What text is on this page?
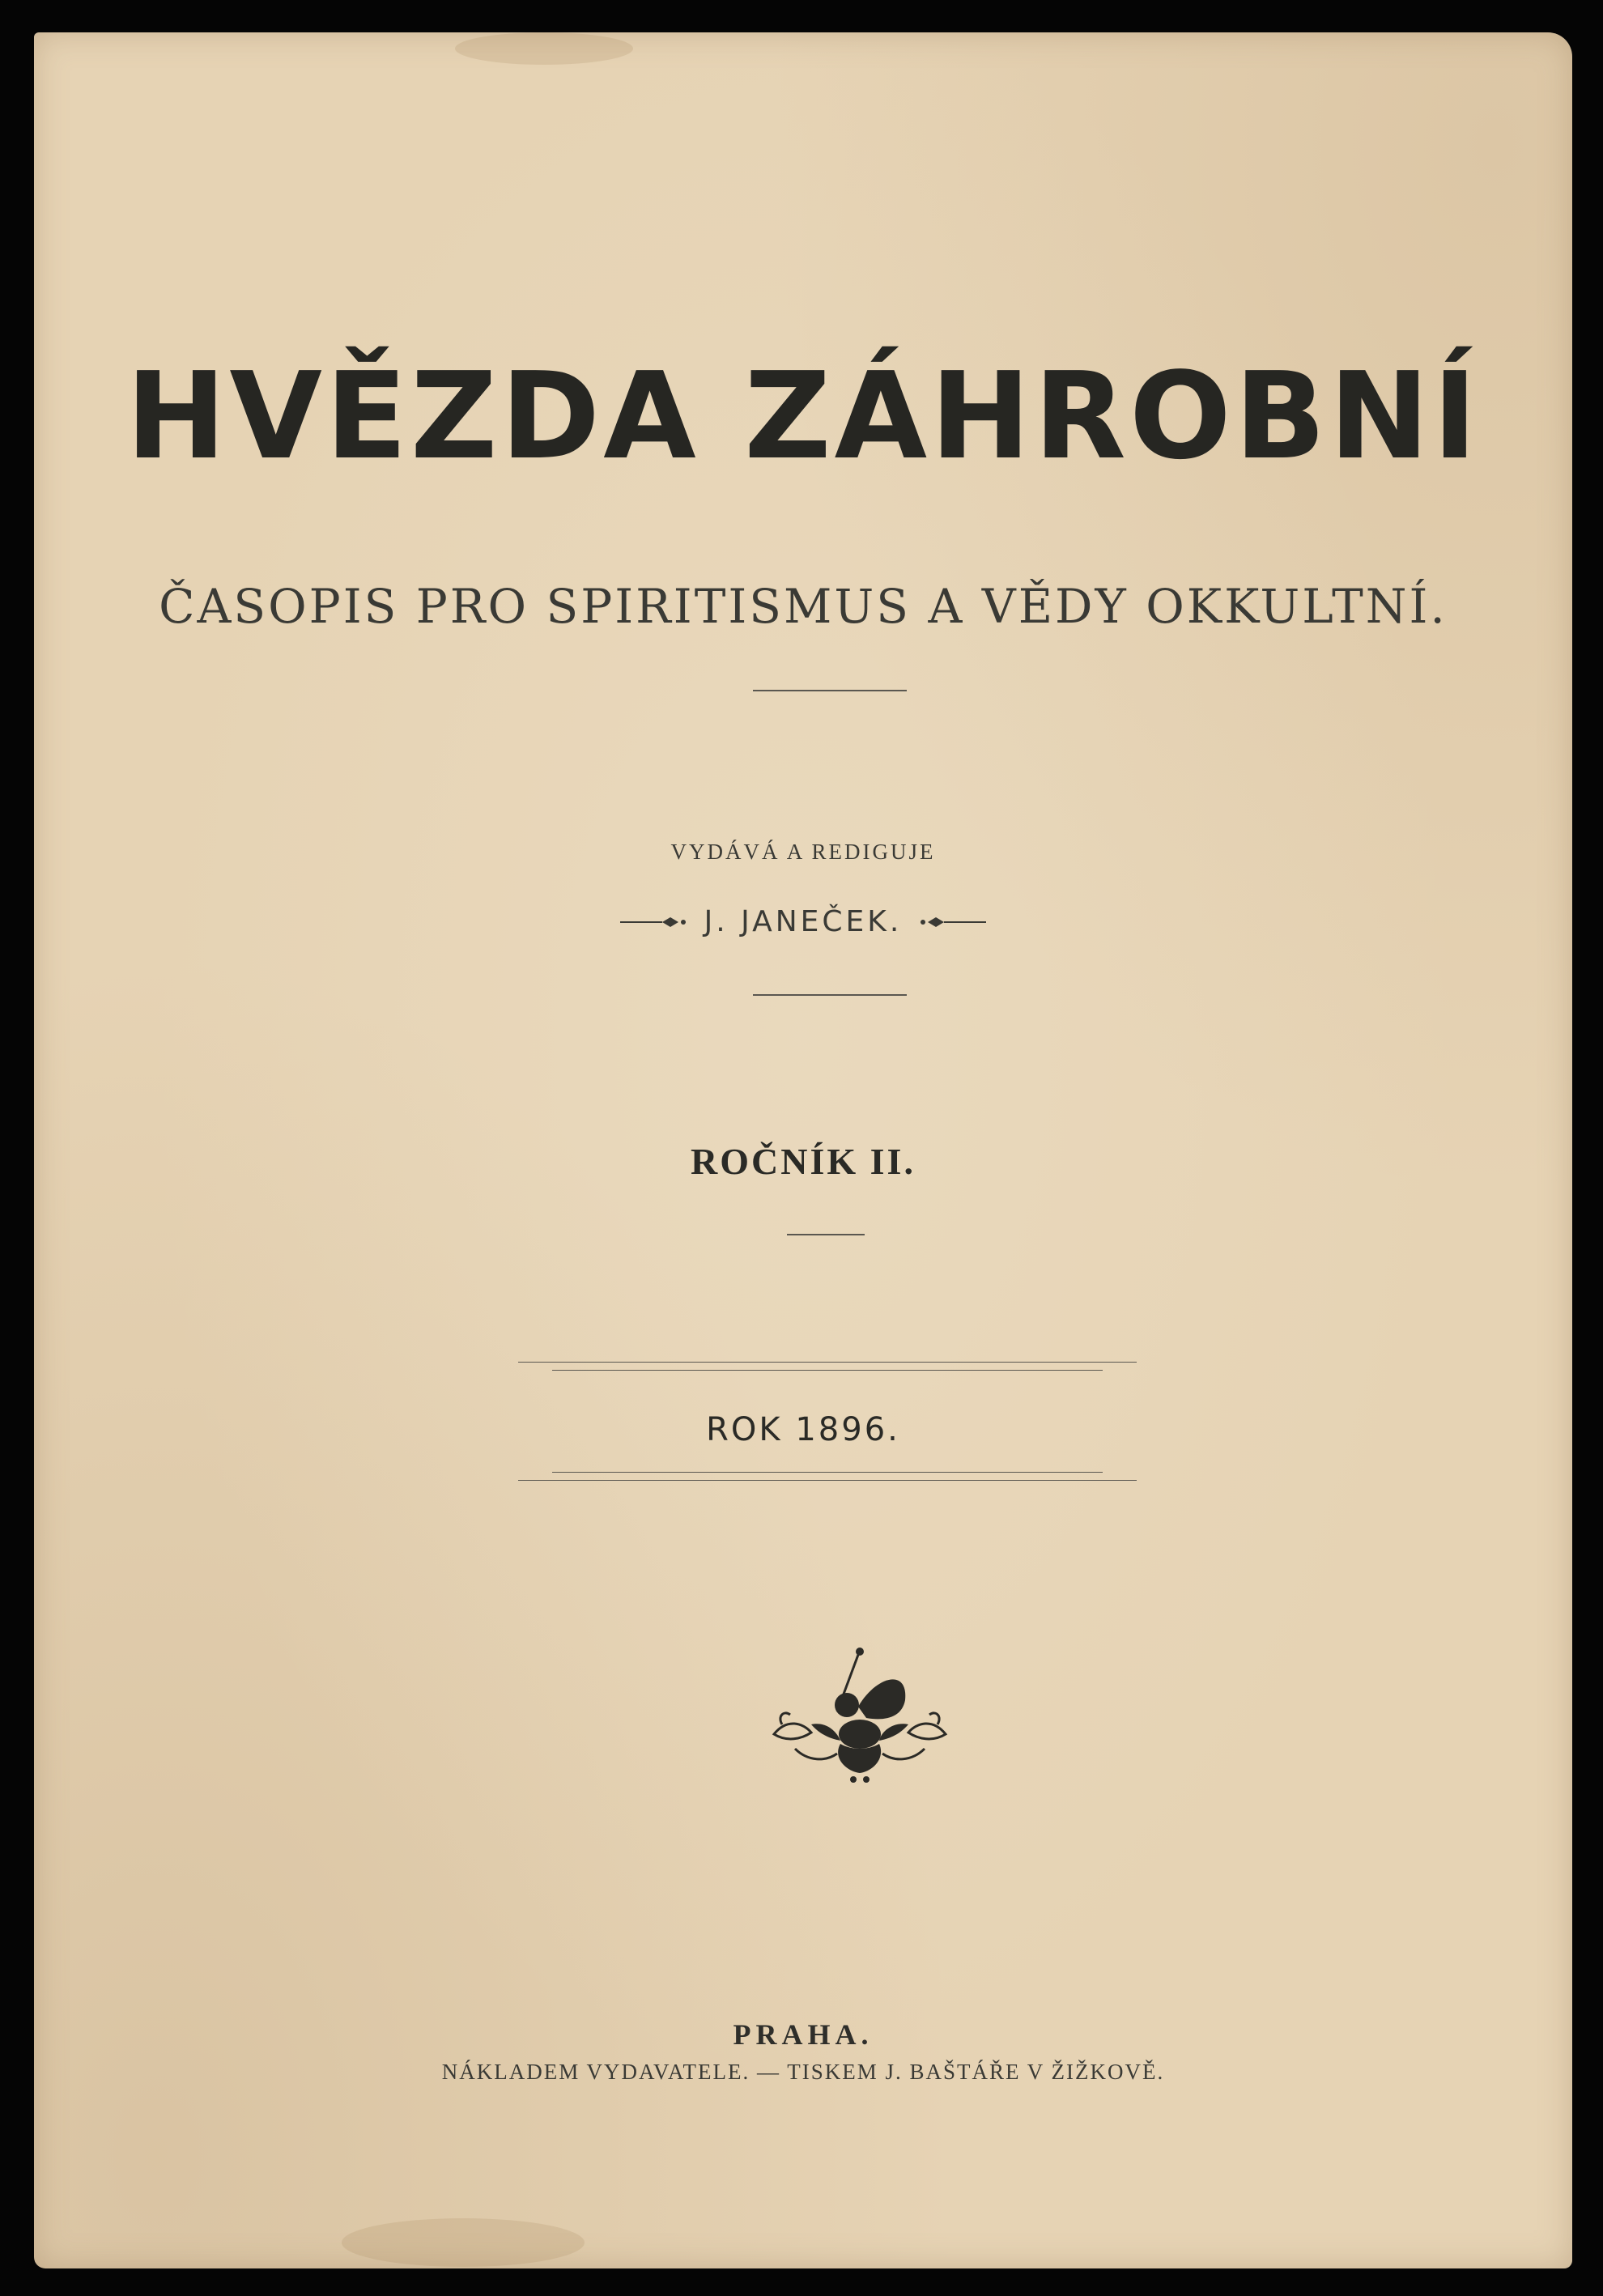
HVĚZDA ZÁHROBNÍ
ČASOPIS PRO SPIRITISMUS A VĚDY OKKULTNÍ.
VYDÁVÁ A REDIGUJE
J. JANEČEK.
ROČNÍK II.
ROK 1896.
PRAHA.
NÁKLADEM VYDAVATELE. — TISKEM J. BAŠTÁŘE V ŽIŽKOVĚ.
